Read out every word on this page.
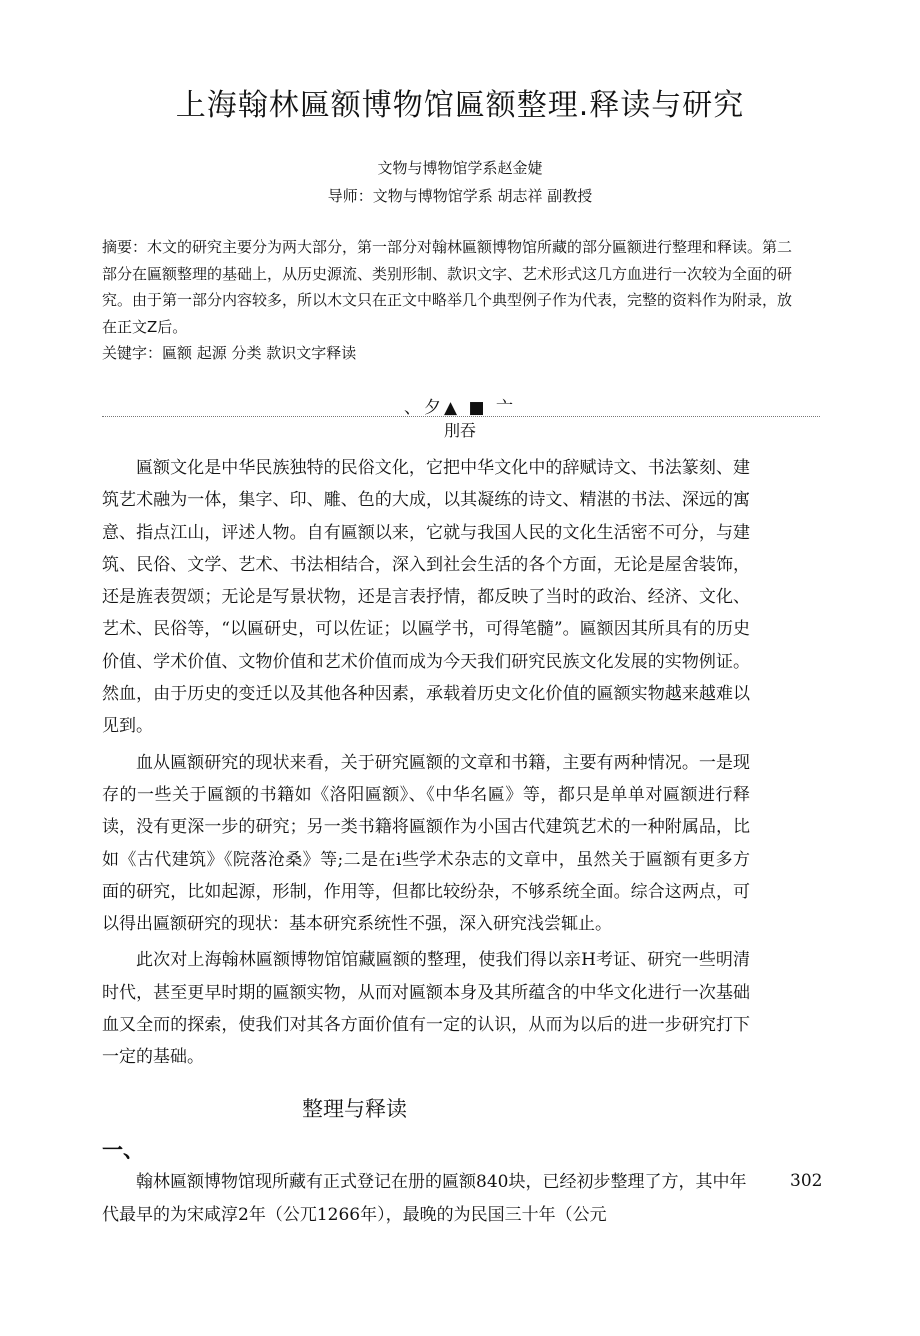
上海翰林匾额博物馆匾额整理.释读与研究
文物与博物馆学系赵金婕
导师：文物与博物馆学系 胡志祥 副教授
摘要：木文的研究主要分为两大部分，第一部分对翰林匾额博物馆所藏的部分匾额进行整理和释读。第二部分在匾额整理的基础上，从历史源流、类别形制、款识文字、艺术形式这几方血进行一次较为全面的研究。由于第一部分内容较多，所以木文只在正文中略举几个典型例子作为代表，完整的资料作为附录，放在正文Z后。
关键字：匾额 起源 分类 款识文字释读
、夕▲ ■ 亠
刖吞

匾额文化是中华民族独特的民俗文化，它把中华文化中的辞赋诗文、书法篆刻、建筑艺术融为一体，集字、印、雕、色的大成，以其凝练的诗文、精湛的书法、深远的寓意、指点江山，评述人物。自有匾额以来，它就与我国人民的文化生活密不可分，与建筑、民俗、文学、艺术、书法相结合，深入到社会生活的各个方面，无论是屋舍装饰，还是旌表贺颂；无论是写景状物，还是言表抒情，都反映了当时的政治、经济、文化、艺术、民俗等，“以匾研史，可以佐证；以匾学书，可得笔髓”。匾额因其所具有的历史价值、学术价值、文物价值和艺术价值而成为今天我们研究民族文化发展的实物例证。然血，由于历史的变迁以及其他各种因素，承载着历史文化价值的匾额实物越来越难以见到。

血从匾额研究的现状来看，关于研究匾额的文章和书籍，主要有两种情况。一是现存的一些关于匾额的书籍如《洛阳匾额》、《中华名匾》等，都只是单单对匾额进行释读，没有更深一步的研究；另一类书籍将匾额作为小国古代建筑艺术的一种附属品，比如《古代建筑》《院落沧桑》等;二是在i些学术杂志的文章中，虽然关于匾额有更多方面的研究，比如起源，形制，作用等，但都比较纷杂，不够系统全面。综合这两点，可以得出匾额研究的现状：基本研究系统性不强，深入研究浅尝辄止。

此次对上海翰林匾额博物馆馆藏匾额的整理，使我们得以亲H考证、研究一些明清时代，甚至更早时期的匾额实物，从而对匾额本身及其所蕴含的中华文化进行一次基础血又全而的探索，使我们对其各方面价值有一定的认识，从而为以后的进一步研究打下一定的基础。

整理与释读
一、

翰林匾额博物馆现所藏有正式登记在册的匾额840块，已经初步整理了方，其中年代最早的为宋咸淳2年（公兀1266年），最晚的为民国三十年（公元

302
